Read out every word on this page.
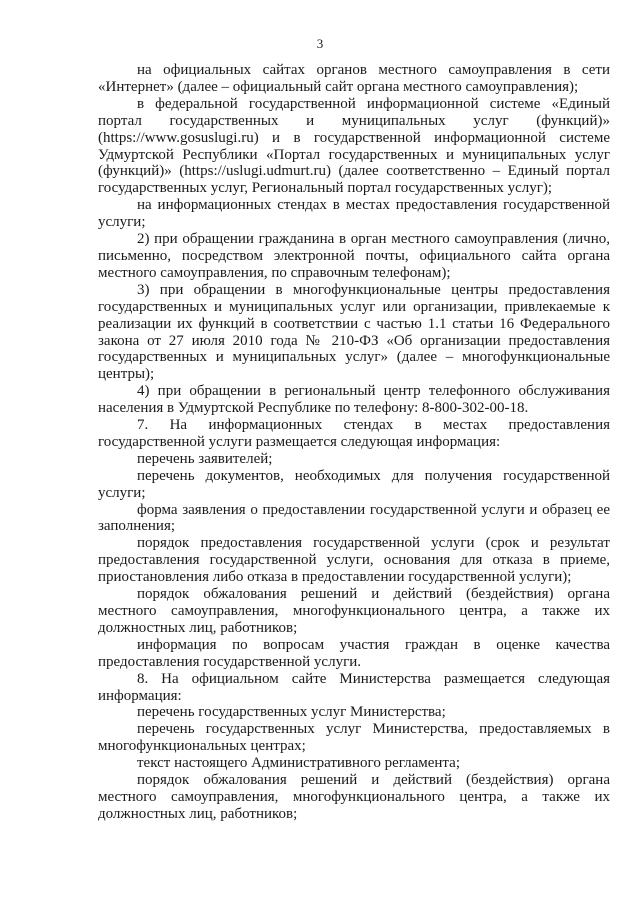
3

на официальных сайтах органов местного самоуправления в сети «Интернет» (далее – официальный сайт органа местного самоуправления);

в федеральной государственной информационной системе «Единый портал государственных и муниципальных услуг (функций)» (https://www.gosuslugi.ru) и в государственной информационной системе Удмуртской Республики «Портал государственных и муниципальных услуг (функций)» (https://uslugi.udmurt.ru) (далее соответственно – Единый портал государственных услуг, Региональный портал государственных услуг);

на информационных стендах в местах предоставления государственной услуги;

2) при обращении гражданина в орган местного самоуправления (лично, письменно, посредством электронной почты, официального сайта органа местного самоуправления, по справочным телефонам);

3) при обращении в многофункциональные центры предоставления государственных и муниципальных услуг или организации, привлекаемые к реализации их функций в соответствии с частью 1.1 статьи 16 Федерального закона от 27 июля 2010 года № 210-ФЗ «Об организации предоставления государственных и муниципальных услуг» (далее – многофункциональные центры);

4) при обращении в региональный центр телефонного обслуживания населения в Удмуртской Республике по телефону: 8-800-302-00-18.

7. На информационных стендах в местах предоставления государственной услуги размещается следующая информация:

перечень заявителей;

перечень документов, необходимых для получения государственной услуги;

форма заявления о предоставлении государственной услуги и образец ее заполнения;

порядок предоставления государственной услуги (срок и результат предоставления государственной услуги, основания для отказа в приеме, приостановления либо отказа в предоставлении государственной услуги);

порядок обжалования решений и действий (бездействия) органа местного самоуправления, многофункционального центра, а также их должностных лиц, работников;

информация по вопросам участия граждан в оценке качества предоставления государственной услуги.

8. На официальном сайте Министерства размещается следующая информация:

перечень государственных услуг Министерства;

перечень государственных услуг Министерства, предоставляемых в многофункциональных центрах;

текст настоящего Административного регламента;

порядок обжалования решений и действий (бездействия) органа местного самоуправления, многофункционального центра, а также их должностных лиц, работников;
